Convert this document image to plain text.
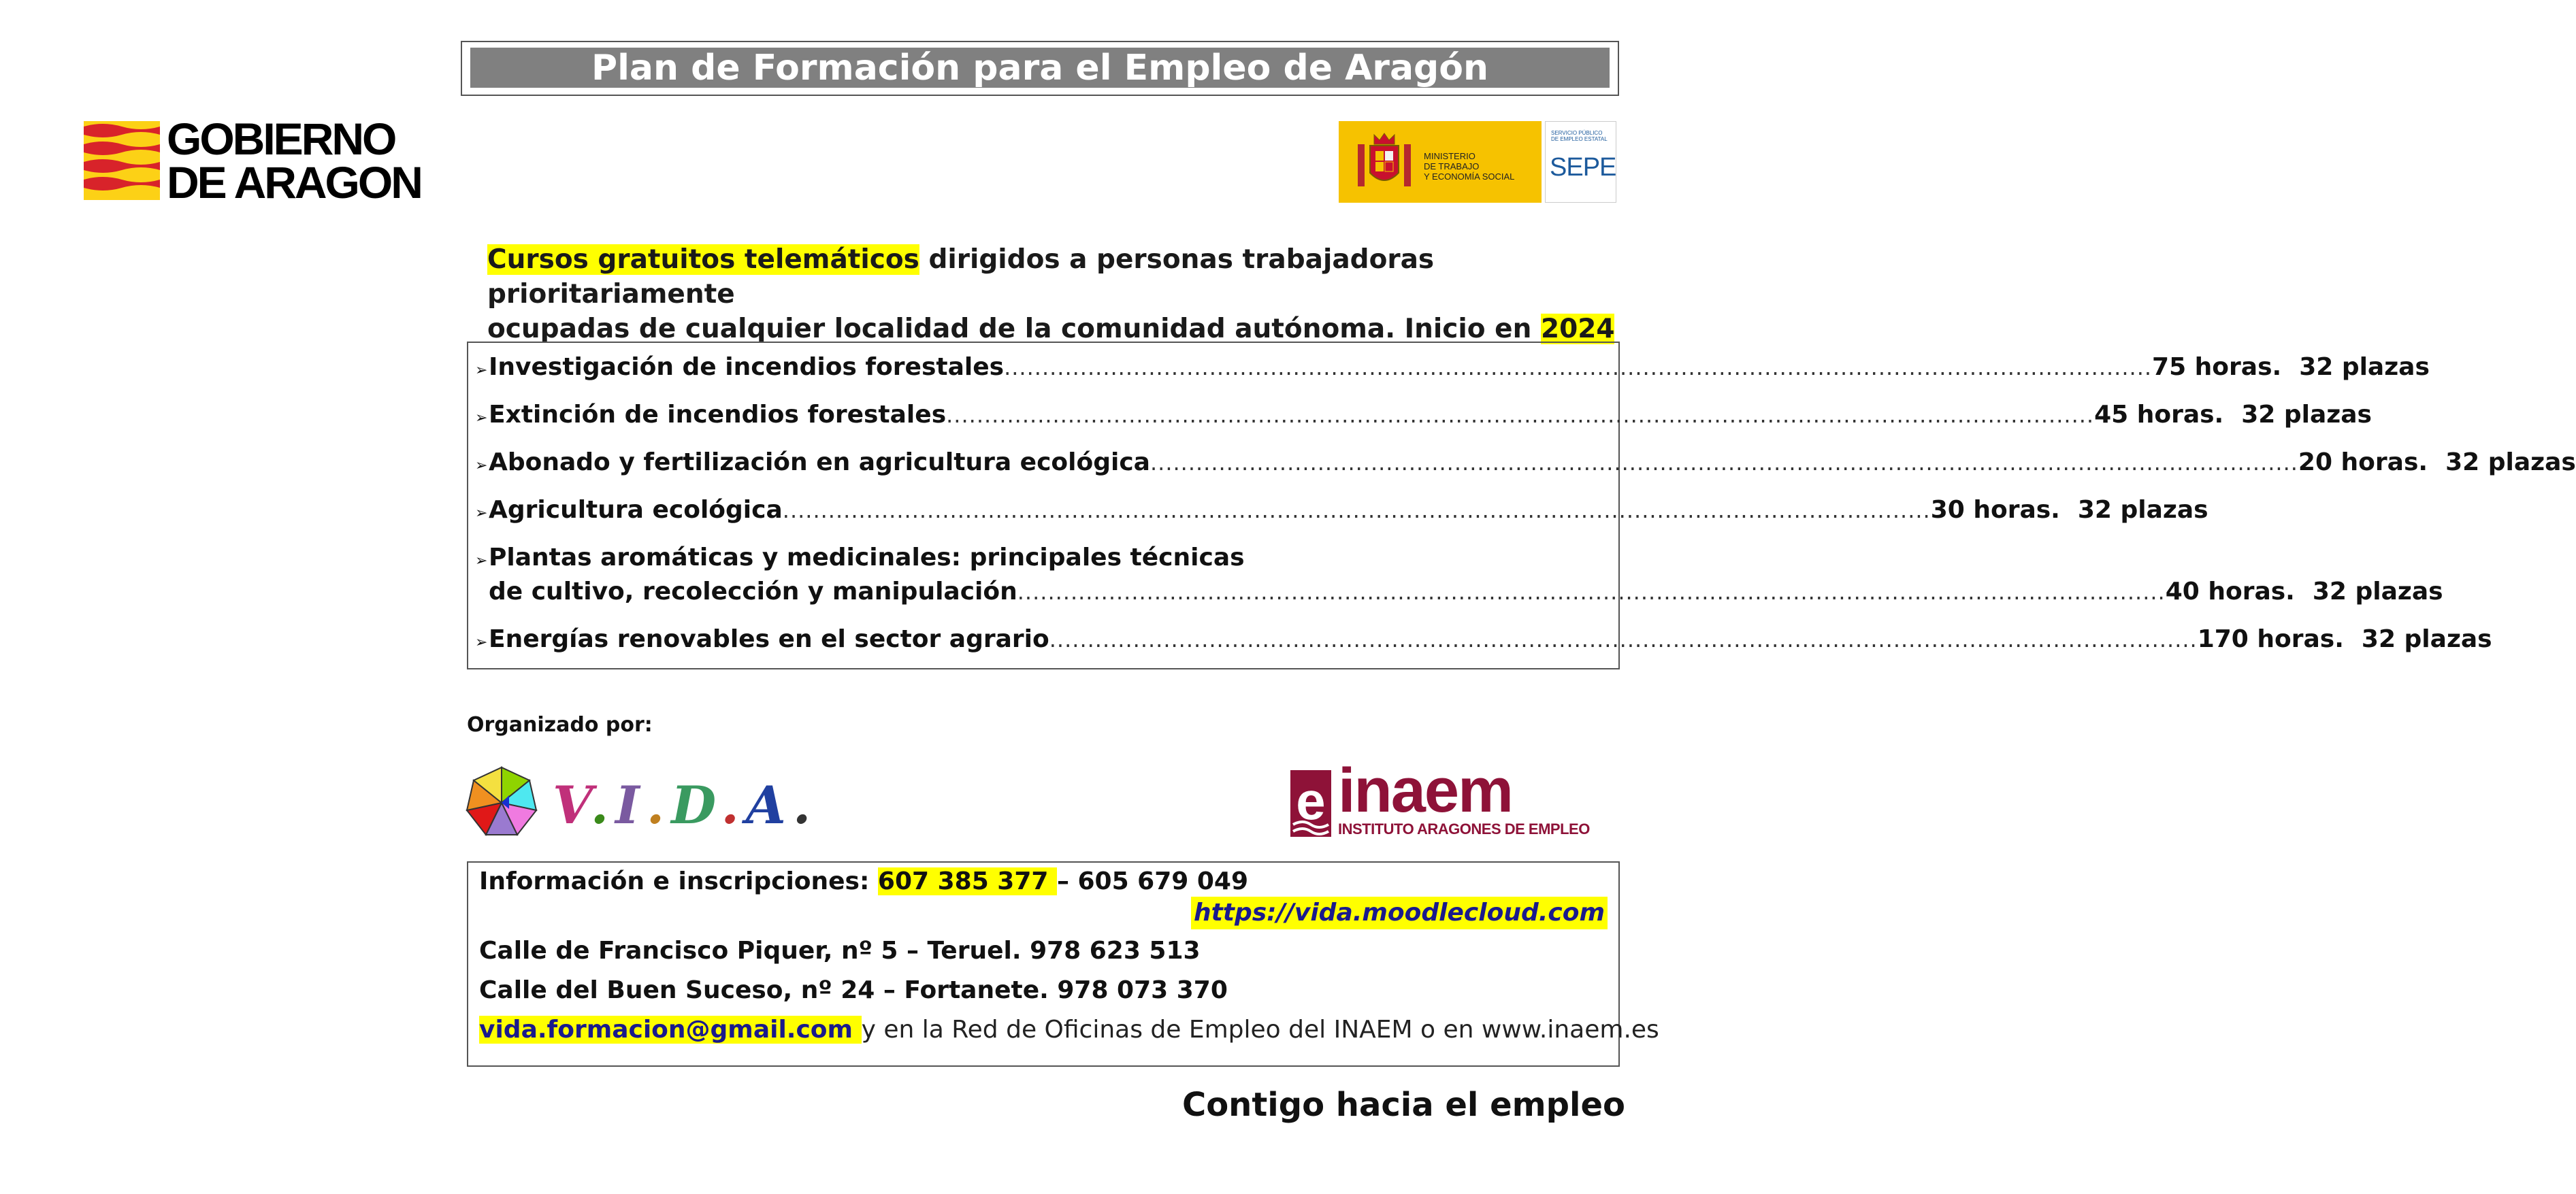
Plan de Formación para el Empleo de Aragón
GOBIERNO
DE ARAGON
MINISTERIO
DE TRABAJO
Y ECONOMÍA SOCIAL
SERVICIO PÚBLICO
DE EMPLEO ESTATAL
SEPE
Cursos gratuitos telemáticos dirigidos a personas trabajadoras prioritariamente
ocupadas de cualquier localidad de la comunidad autónoma. Inicio en 2024
➢ Investigación de incendios forestales ....................................................................................................................................................... 75 horas. 32 plazas
➢ Extinción de incendios forestales ....................................................................................................................................................... 45 horas. 32 plazas
➢ Abonado y fertilización en agricultura ecológica ....................................................................................................................................................... 20 horas. 32 plazas
➢ Agricultura ecológica ....................................................................................................................................................... 30 horas. 32 plazas
➢Plantas aromáticas y medicinales: principales técnicas
de cultivo, recolección y manipulación ....................................................................................................................................................... 40 horas. 32 plazas
➢ Energías renovables en el sector agrario ....................................................................................................................................................... 170 horas. 32 plazas
Organizado por:
V.I.D.A.	e inaem
INSTITUTO ARAGONES DE EMPLEO
Información e inscripciones: 607 385 377 – 605 679 049
https://vida.moodlecloud.com
Calle de Francisco Piquer, nº 5 – Teruel. 978 623 513
Calle del Buen Suceso, nº 24 – Fortanete. 978 073 370
vida.formacion@gmail.com y en la Red de Oficinas de Empleo del INAEM o en www.inaem.es
Contigo hacia el empleo
